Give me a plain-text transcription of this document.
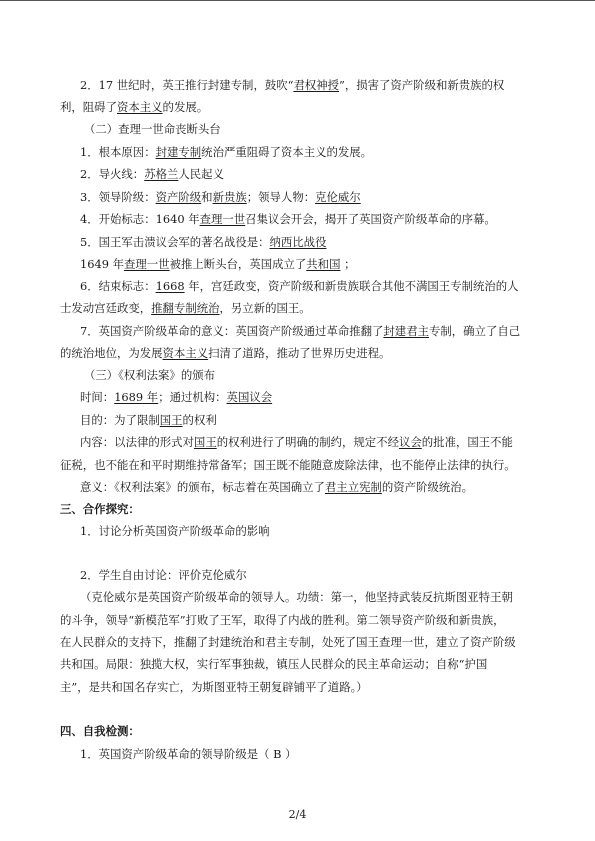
2．17 世纪时，英王推行封建专制，鼓吹“君权神授”，损害了资产阶级和新贵族的权
利，阻碍了资本主义的发展。
（二）查理一世命丧断头台
1．根本原因：封建专制统治严重阻碍了资本主义的发展。
2．导火线：苏格兰人民起义
3．领导阶级：资产阶级和新贵族；领导人物：克伦威尔
4．开始标志：1640 年查理一世召集议会开会，揭开了英国资产阶级革命的序幕。
5．国王军击溃议会军的著名战役是：纳西比战役
1649 年查理一世被推上断头台，英国成立了共和国 ；
6．结束标志：1668 年，宫廷政变，资产阶级和新贵族联合其他不满国王专制统治的人
士发动宫廷政变，推翻专制统治，另立新的国王。
7．英国资产阶级革命的意义：英国资产阶级通过革命推翻了封建君主专制，确立了自己
的统治地位，为发展资本主义扫清了道路，推动了世界历史进程。
（三）《权利法案》的颁布
时间：1689 年；通过机构：英国议会
目的：为了限制国王的权利
内容：以法律的形式对国王的权利进行了明确的制约，规定不经议会的批准，国王不能
征税，也不能在和平时期维持常备军；国王既不能随意废除法律，也不能停止法律的执行。
意义：《权利法案》的颁布，标志着在英国确立了君主立宪制的资产阶级统治。
三、合作探究：
1．讨论分析英国资产阶级革命的影响
2．学生自由讨论：评价克伦威尔
（克伦威尔是英国资产阶级革命的领导人。功绩：第一，他坚持武装反抗斯图亚特王朝
的斗争，领导“新模范军”打败了王军，取得了内战的胜利。第二领导资产阶级和新贵族，
在人民群众的支持下，推翻了封建统治和君主专制，处死了国王查理一世，建立了资产阶级
共和国。局限：独揽大权，实行军事独裁，镇压人民群众的民主革命运动；自称“护国
主”，是共和国名存实亡，为斯图亚特王朝复辟铺平了道路。）
四、自我检测：
1．英国资产阶级革命的领导阶级是（ B ）
2/4
